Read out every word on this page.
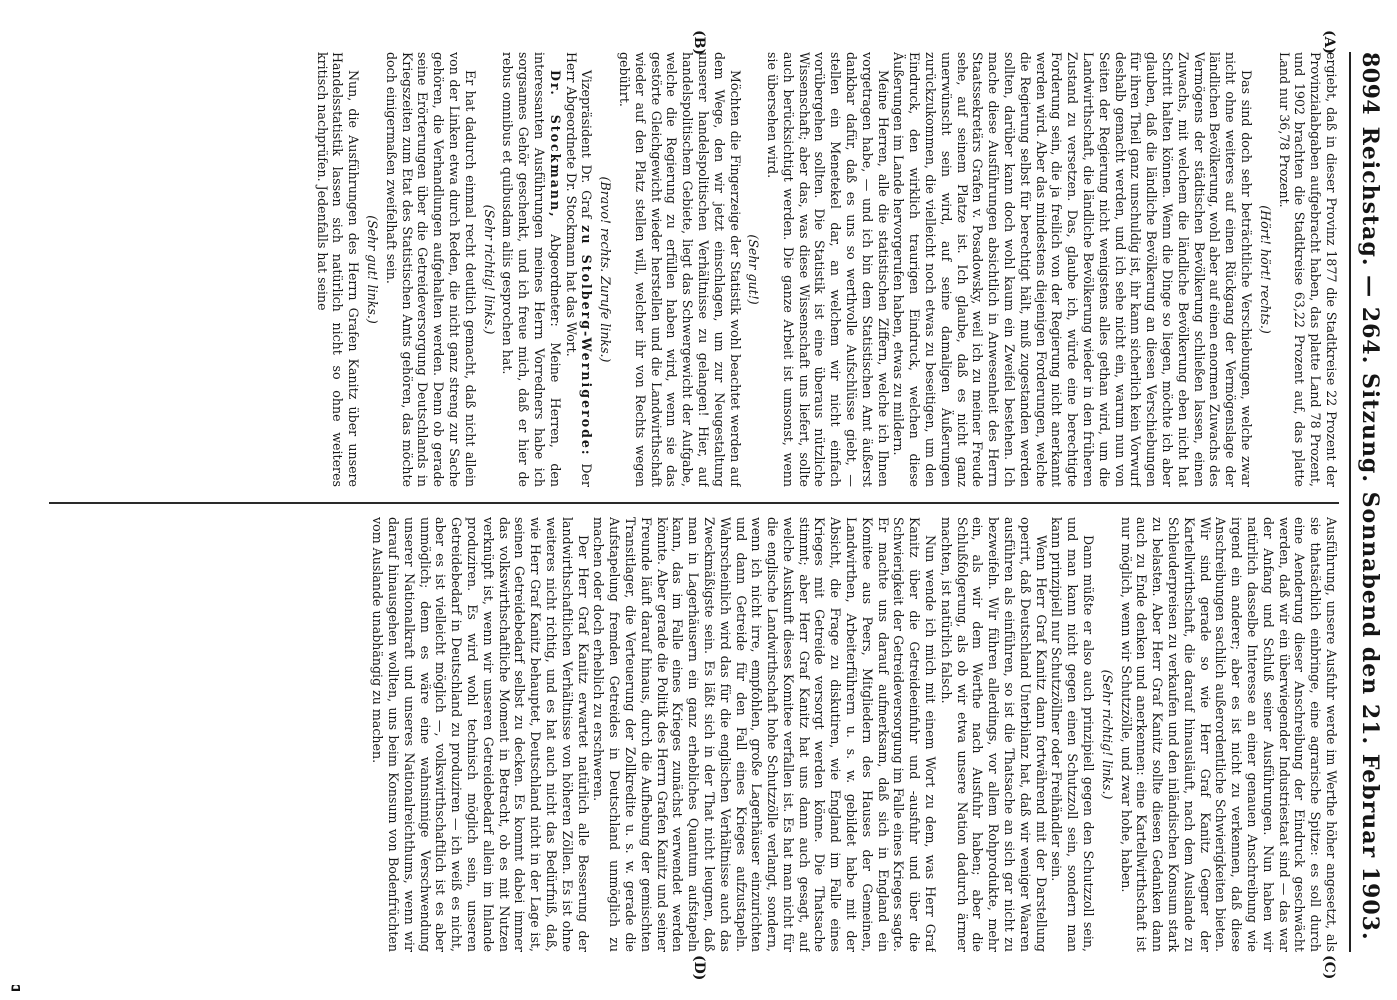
8094
Reichstag. — 264. Sitzung. Sonnabend den 21. Februar 1903.
(A)
(B)
(C)
(D)

ergiebt, daß in dieser Provinz 1877 die Stadtkreise 22 Prozent der Provinzialabgaben aufgebracht haben, das platte Land 78 Prozent, und 1902 brachten die Stadtkreise 63,22 Prozent auf, das platte Land nur 36,78 Prozent.

(Hört! hört! rechts.)

Das sind doch sehr beträchtliche Verschiebungen, welche zwar nicht ohne weiteres auf einen Rückgang der Vermögenslage der ländlichen Bevölkerung, wohl aber auf einen enormen Zuwachs des Vermögens der städtischen Bevölkerung schließen lassen, einen Zuwachs, mit welchem die ländliche Bevölkerung eben nicht hat Schritt halten können. Wenn die Dinge so liegen, möchte ich aber glauben, daß die ländliche Bevölkerung an diesen Verschiebungen für ihren Theil ganz unschuldig ist, ihr kann sicherlich kein Vorwurf deshalb gemacht werden, und ich sehe nicht ein, warum nun von Seiten der Regierung nicht wenigstens alles gethan wird, um die Landwirthschaft, die ländliche Bevölkerung wieder in den früheren Zustand zu versetzen. Das, glaube ich, würde eine berechtigte Forderung sein, die ja freilich von der Regierung nicht anerkannt werden wird. Aber das mindestens diejenigen Forderungen, welche die Regierung selbst für berechtigt hält, muß zugestanden werden sollten, darüber kann doch wohl kaum ein Zweifel bestehen. Ich mache diese Ausführungen absichtlich in Anwesenheit des Herrn Staatssekretärs Grafen v. Posadowsky, weil ich zu meiner Freude sehe, auf seinem Platze ist. Ich glaube, daß es nicht ganz unerwünscht sein wird, auf seine damaligen Äußerungen zurückzukommen, die vielleicht noch etwas zu beseitigen, um den Eindruck, den wirklich traurigen Eindruck, welchen diese Äußerungen im Lande hervorgerufen haben, etwas zu mildern.

Meine Herren, alle die statistischen Ziffern, welche ich Ihnen vorgetragen habe, — und ich bin dem Statistischen Amt äußerst dankbar dafür, daß es uns so werthvolle Aufschlüsse giebt, — stellen ein Menetekel dar, an welchem wir nicht einfach vorübergehen sollten. Die Statistik ist eine überaus nützliche Wissenschaft; aber das, was diese Wissenschaft uns liefert, sollte auch berücksichtigt werden. Die ganze Arbeit ist umsonst, wenn sie übersehen wird.

(Sehr gut!)

Möchten die Fingerzeige der Statistik wohl beachtet werden auf dem Wege, den wir jetzt einschlagen, um zur Neugestaltung unserer handelspolitischen Verhältnisse zu gelangen! Hier, auf handelspolitischem Gebiete, liegt das Schwergewicht der Aufgabe, welche die Regierung zu erfüllen haben wird, wenn sie das gestörte Gleichgewicht wieder herstellen und die Landwirthschaft wieder auf den Platz stellen will, welcher ihr von Rechts wegen gebührt.

(Bravo! rechts. Zurufe links.)

Vizepräsident Dr. Graf zu Stolberg-Wernigerode: Der Herr Abgeordnete Dr. Stockmann hat das Wort.

Dr. Stockmann, Abgeordneter: Meine Herren, den interessanten Ausführungen meines Herrn Vorredners habe ich sorgsames Gehör geschenkt, und ich freue mich, daß er hier de rebus omnibus et quibusdam aliis gesprochen hat.

(Sehr richtig! links.)

Er hat dadurch einmal recht deutlich gemacht, daß nicht allein von der Linken etwa durch Reden, die nicht ganz streng zur Sache gehören, die Verhandlungen aufgehalten werden. Denn ob gerade seine Erörterungen über die Getreideversorgung Deutschlands in Kriegszeiten zum Etat des Statistischen Amts gehören, das möchte doch einigermaßen zweifelhaft sein.

(Sehr gut! links.)

Nun, die Ausführungen des Herrn Grafen Kanitz über unsere Handelsstatistik lassen sich natürlich nicht so ohne weiteres kritisch nachprüfen. Jedenfalls hat seine

Ausführung, unsere Ausfuhr werde im Werthe höher angesetzt, als sie thatsächlich einbringe, eine agrarische Spitze: es soll durch eine Aenderung dieser Anschreibung der Eindruck geschwächt werden, daß wir ein überwiegender Industriestaat sind — das war der Anfang und Schluß seiner Ausführungen. Nun haben wir natürlich dasselbe Interesse an einer genauen Anschreibung wie irgend ein anderer; aber es ist nicht zu verkennen, daß diese Anschreibungen sachlich außerordentliche Schwierigkeiten bieten. Wir sind gerade so wie Herr Graf Kanitz Gegner der Kartellwirthschaft, die darauf hinausläuft, nach dem Auslande zu Schleuderpreisen zu verkaufen und den inländischen Konsum stark zu belasten. Aber Herr Graf Kanitz sollte diesen Gedanken dann auch zu Ende denken und anerkennen: eine Kartellwirthschaft ist nur möglich, wenn wir Schutzzölle, und zwar hohe, haben.

(Sehr richtig! links.)

Dann müßte er also auch prinzipiell gegen den Schutzzoll sein, und man kann nicht gegen einen Schutzzoll sein, sondern man kann prinzipiell nur Schutzzöllner oder Freihändler sein.

Wenn Herr Graf Kanitz dann fortwährend mit der Darstellung operirt, daß Deutschland Unterbilanz hat, daß wir weniger Waaren ausführen als einführen, so ist die Thatsache an sich gar nicht zu bezweifeln. Wir führen allerdings, vor allem Rohprodukte, mehr ein, als wir dem Werthe nach Ausfuhr haben; aber die Schlußfolgerung, als ob wir etwa unsere Nation dadurch ärmer machten, ist natürlich falsch.

Nun wende ich mich mit einem Wort zu dem, was Herr Graf Kanitz über die Getreideeinfuhr und -ausfuhr und über die Schwierigkeit der Getreideversorgung im Falle eines Krieges sagte. Er machte uns darauf aufmerksam, daß sich in England ein Komitee aus Peers, Mitgliedern des Hauses der Gemeinen, Landwirthen, Arbeiterführern u. s. w. gebildet habe mit der Absicht, die Frage zu diskutiren, wie England im Falle eines Krieges mit Getreide versorgt werden könne. Die Thatsache stimmt; aber Herr Graf Kanitz hat uns dann auch gesagt, auf welche Auskunft dieses Komitee verfallen ist. Es hat man nicht für die englische Landwirthschaft hohe Schutzzölle verlangt, sondern, wenn ich nicht irre, empfohlen, große Lagerhäuser einzurichten und dann Getreide für den Fall eines Krieges aufzustapeln. Wahrscheinlich wird das für die englischen Verhältnisse auch das Zweckmäßigste sein. Es läßt sich in der That nicht leugnen, daß man in Lagerhäusern ein ganz erhebliches Quantum aufstapeln kann, das im Falle eines Krieges zunächst verwendet werden könnte. Aber gerade die Politik des Herrn Grafen Kanitz und seiner Freunde läuft darauf hinaus, durch die Aufhebung der gemischten Transitlager, die Verteuerung der Zollkredite u. s. w. gerade die Aufstapelung fremden Getreides in Deutschland unmöglich zu machen oder doch erheblich zu erschweren.

Der Herr Graf Kanitz erwartet natürlich alle Besserung der landwirthschaftlichen Verhältnisse von höheren Zöllen. Es ist ohne weiteres nicht richtig, und es hat auch nicht das Bedürfniß, daß, wie Herr Graf Kanitz behauptet, Deutschland nicht in der Lage ist, seinen Getreidebedarf selbst zu decken. Es kommt dabei immer das volkswirthschaftliche Moment in Betracht, ob es mit Nutzen verknüpft ist, wenn wir unseren Getreidebedarf allein im Inlande produziren. Es wird wohl technisch möglich sein, unseren Getreidebedarf in Deutschland zu produziren — ich weiß es nicht, aber es ist vielleicht möglich —, volkswirthschaftlich ist es aber unmöglich; denn es wäre eine wahnsinnige Verschwendung unserer Nationalkraft und unseres Nationalreichthums, wenn wir darauf hinausgehen wollten, uns beim Konsum von Bodenfrüchten vom Auslande unabhängig zu machen.
